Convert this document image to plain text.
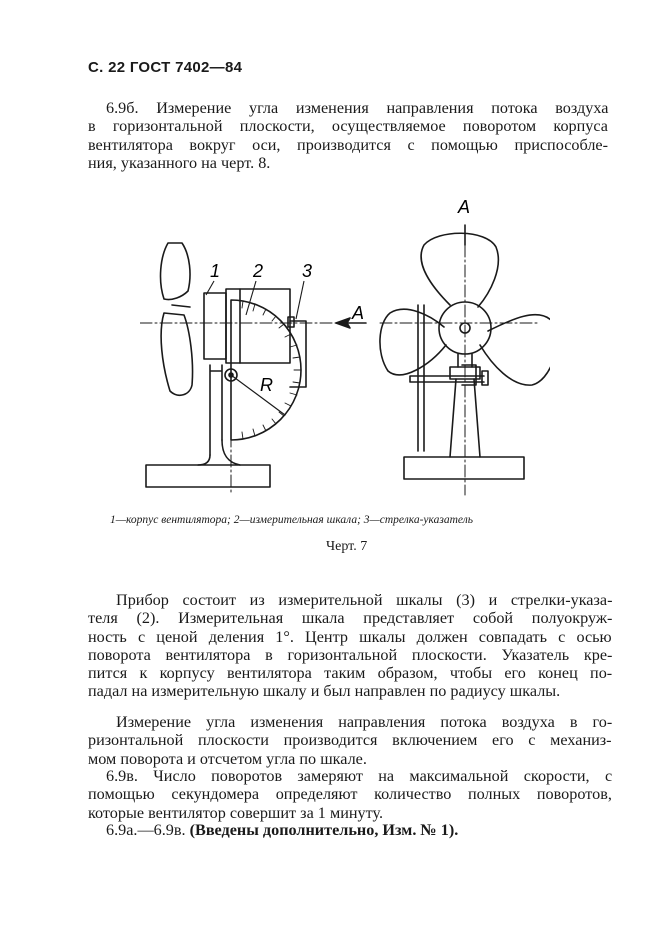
С. 22 ГОСТ 7402—84
6.9б. Измерение угла изменения направления потока воздуха
в горизонтальной плоскости, осуществляемое поворотом корпуса
вентилятора вокруг оси, производится с помощью приспособле-
ния, указанного на черт. 8.
1 2 3
A
A
R
1—корпус вентилятора; 2—измерительная шкала; 3—стрелка-указатель
Черт. 7
Прибор состоит из измерительной шкалы (3) и стрелки-указа-
теля (2). Измерительная шкала представляет собой полуокруж-
ность с ценой деления 1°. Центр шкалы должен совпадать с осью
поворота вентилятора в горизонтальной плоскости. Указатель кре-
пится к корпусу вентилятора таким образом, чтобы его конец по-
падал на измерительную шкалу и был направлен по радиусу шкалы.
Измерение угла изменения направления потока воздуха в го-
ризонтальной плоскости производится включением его с механиз-
мом поворота и отсчетом угла по шкале.
6.9в. Число поворотов замеряют на максимальной скорости, с
помощью секундомера определяют количество полных поворотов,
которые вентилятор совершит за 1 минуту.
6.9а.—6.9в. (Введены дополнительно, Изм. № 1).
